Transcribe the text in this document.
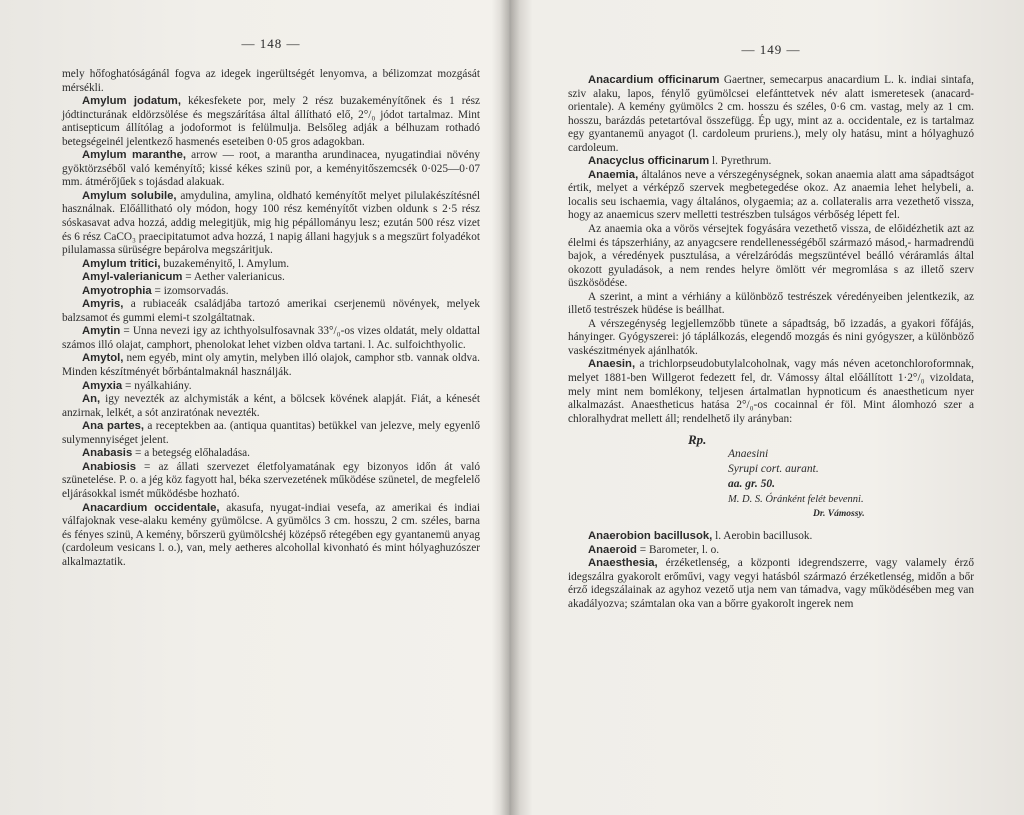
— 148 —

mely hőfoghatóságánál fogva az idegek ingerültségét lenyomva, a bélizomzat mozgását mérsékli.

Amylum jodatum, kékesfekete por, mely 2 rész buzakeményítőnek és 1 rész jódtincturának eldörzsölése és megszárítása által állítható elő, 2°/₀ jódot tartalmaz. Mint antisepticum állítólag a jodoformot is felülmulja. Belsőleg adják a bélhuzam rothadó betegségeinél jelentkező hasmenés eseteiben 0·05 gros adagokban.

Amylum maranthe, arrow — root, a marantha arundinacea, nyugatindiai növény gyöktörzséből való keményítő; kissé kékes szinü por, a keményitőszemcsék 0·025—0·07 mm. átmérőjűek s tojásdad alakuak.

Amylum solubile, amydulina, amylina, oldható keményítőt melyet pilulakészítésnél használnak. Előállitható oly módon, hogy 100 rész keményítőt vizben oldunk s 2·5 rész sóskasavat adva hozzá, addig melegitjük, mig hig pépállományu lesz; ezután 500 rész vizet és 6 rész CaCO₃ praecipitatumot adva hozzá, 1 napig állani hagyjuk s a megszürt folyadékot pilulamassa sürüségre bepárolva megszáritjuk.

Amylum tritici, buzakeményitő, l. Amylum.

Amyl-valerianicum = Aether valerianicus.

Amyotrophia = izomsorvadás.

Amyris, a rubiaceák családjába tartozó amerikai cserjenemü növények, melyek balzsamot és gummi elemi-t szolgáltatnak.

Amytin = Unna nevezi igy az ichthyolsulfosavnak 33°/₀-os vizes oldatát, mely oldattal számos illó olajat, camphort, phenolokat lehet vizben oldva tartani. l. Ac. sulfoichthyolic.

Amytol, nem egyéb, mint oly amytin, melyben illó olajok, camphor stb. vannak oldva. Minden készítményét bőrbántalmaknál használják.

Amyxia = nyálkahiány.

An, igy nevezték az alchymisták a ként, a bölcsek kövének alapját. Fiát, a kénesét anzirnak, lelkét, a sót anziratónak nevezték.

Ana partes, a receptekben aa. (antiqua quantitas) betükkel van jelezve, mely egyenlő sulymennyiséget jelent.

Anabasis = a betegség előhaladása.

Anabiosis = az állati szervezet életfolyamatának egy bizonyos időn át való szünetelése. P. o. a jég köz fagyott hal, béka szervezetének működése szünetel, de megfelelő eljárásokkal ismét működésbe hozható.

Anacardium occidentale, akasufa, nyugat-indiai vesefa, az amerikai és indiai válfajoknak vese-alaku kemény gyümölcse. A gyümölcs 3 cm. hosszu, 2 cm. széles, barna és fényes szinü, A kemény, bőrszerü gyümölcshéj középső rétegében egy gyantanemü anyag (cardoleum vesicans l. o.), van, mely aetheres alcohollal kivonható és mint hólyaghuzószer alkalmaztatik.

— 149 —

Anacardium officinarum Gaertner, semecarpus anacardium L. k. indiai sintafa, sziv alaku, lapos, fénylő gyümölcsei elefánttetvek név alatt ismeretesek (anacard-orientale). A kemény gyümölcs 2 cm. hosszu és széles, 0·6 cm. vastag, mely az 1 cm. hosszu, barázdás petetartóval összefügg. Ép ugy, mint az a. occidentale, ez is tartalmaz egy gyantanemü anyagot (l. cardoleum pruriens.), mely oly hatásu, mint a hólyaghuzó cardoleum.

Anacyclus officinarum l. Pyrethrum.

Anaemia, általános neve a vérszegénységnek, sokan anaemia alatt ama sápadtságot értik, melyet a vérképző szervek megbetegedése okoz. Az anaemia lehet helybeli, a. localis seu ischaemia, vagy általános, olygaemia; az a. collateralis arra vezethető vissza, hogy az anaemicus szerv melletti testrészben tulságos vérbőség lépett fel.

Az anaemia oka a vörös vérsejtek fogyására vezethető vissza, de előidézhetik azt az élelmi és tápszerhiány, az anyagcsere rendellenességéből származó másod,- harmadrendü bajok, a véredények pusztulása, a vérelzáródás megszüntével beálló véráramlás által okozott gyuladások, a nem rendes helyre ömlött vér megromlása s az illető szerv üszkösödése.

A szerint, a mint a vérhiány a különböző testrészek véredényeiben jelentkezik, az illető testrészek hüdése is beállhat.

A vérszegénység legjellemzőbb tünete a sápadtság, bő izzadás, a gyakori főfájás, hányinger. Gyógyszerei: jó táplálkozás, elegendő mozgás és nini gyógyszer, a különböző vaskészitmények ajánlhatók.

Anaesin, a trichlorpseudobutylalcoholnak, vagy más néven acetonchloroformnak, melyet 1881-ben Willgerot fedezett fel, dr. Vámossy által előállított 1·2°/₀ vizoldata, mely mint nem bomlékony, teljesen ártalmatlan hypnoticum és anaestheticum nyer alkalmazást. Anaestheticus hatása 2°/₀-os cocainnal ér föl. Mint álomhozó szer a chloralhydrat mellett áll; rendelhető ily arányban:

Rp.
Anaesini
Syrupi cort. aurant.
aa. gr. 50.
M. D. S. Óránként felét bevenni.
Dr. Vámossy.

Anaerobion bacillusok, l. Aerobin bacillusok.

Anaeroid = Barometer, l. o.

Anaesthesia, érzéketlenség, a központi idegrendszerre, vagy valamely érző idegszálra gyakorolt erőművi, vagy vegyi hatásból származó érzéketlenség, midőn a bőr érző idegszálainak az agyhoz vezető utja nem van támadva, vagy működésében meg van akadályozva; számtalan oka van a bőrre gyakorolt ingerek nem
